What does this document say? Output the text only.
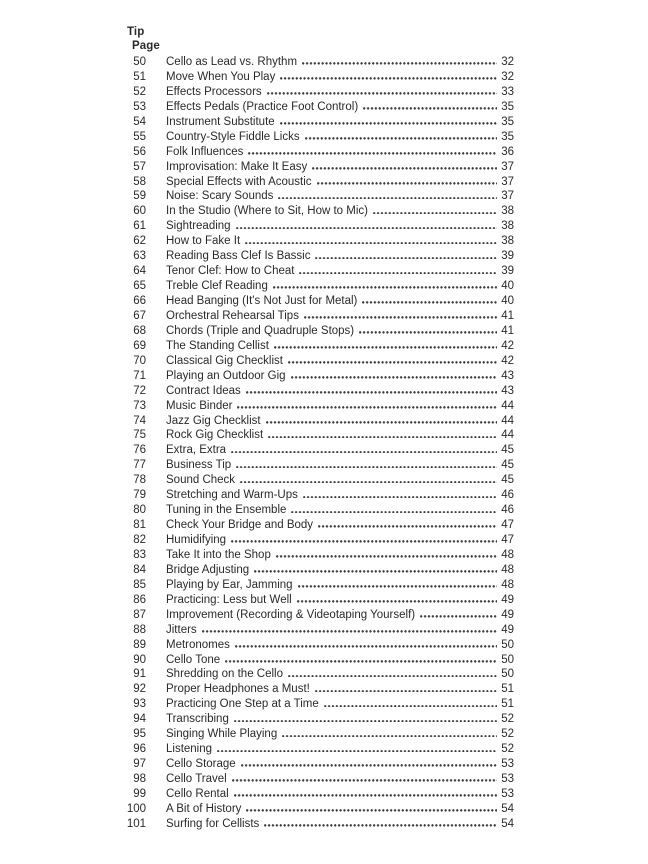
Tip
Page
50 Cello as Lead vs. Rhythm	32
51 Move When You Play	32
52 Effects Processors	33
53 Effects Pedals (Practice Foot Control)	35
54 Instrument Substitute	35
55 Country-Style Fiddle Licks	35
56 Folk Influences	36
57 Improvisation: Make It Easy	37
58 Special Effects with Acoustic	37
59 Noise: Scary Sounds	37
60 In the Studio (Where to Sit, How to Mic)	38
61 Sightreading	38
62 How to Fake It	38
63 Reading Bass Clef Is Bassic	39
64 Tenor Clef: How to Cheat	39
65 Treble Clef Reading	40
66 Head Banging (It's Not Just for Metal)	40
67 Orchestral Rehearsal Tips	41
68 Chords (Triple and Quadruple Stops)	41
69 The Standing Cellist	42
70 Classical Gig Checklist	42
71 Playing an Outdoor Gig	43
72 Contract Ideas	43
73 Music Binder	44
74 Jazz Gig Checklist	44
75 Rock Gig Checklist	44
76 Extra, Extra	45
77 Business Tip	45
78 Sound Check	45
79 Stretching and Warm-Ups	46
80 Tuning in the Ensemble	46
81 Check Your Bridge and Body	47
82 Humidifying	47
83 Take It into the Shop	48
84 Bridge Adjusting	48
85 Playing by Ear, Jamming	48
86 Practicing: Less but Well	49
87 Improvement (Recording & Videotaping Yourself)	49
88 Jitters	49
89 Metronomes	50
90 Cello Tone	50
91 Shredding on the Cello	50
92 Proper Headphones a Must!	51
93 Practicing One Step at a Time	51
94 Transcribing	52
95 Singing While Playing	52
96 Listening	52
97 Cello Storage	53
98 Cello Travel	53
99 Cello Rental	53
100 A Bit of History	54
101 Surfing for Cellists	54
